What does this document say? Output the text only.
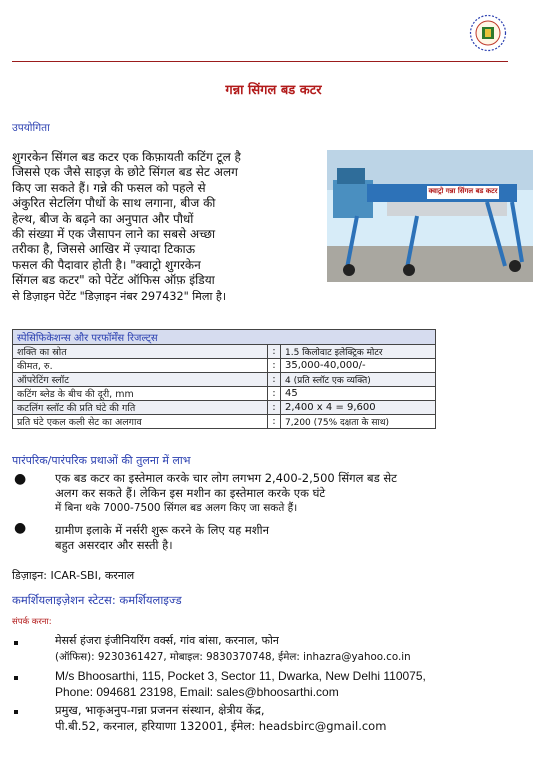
गन्ना सिंगल बड कटर
उपयोगिता
शुगरकेन सिंगल बड कटर एक किफ़ायती कटिंग टूल है
जिससे एक जैसे साइज़ के छोटे सिंगल बड सेट अलग
किए जा सकते हैं। गन्ने की फसल को पहले से
अंकुरित सेटलिंग पौधों के साथ लगाना, बीज की
हेल्थ, बीज के बढ़ने का अनुपात और पौधों
की संख्या में एक जैसापन लाने का सबसे अच्छा
तरीका है, जिससे आखिर में ज़्यादा टिकाऊ
फसल की पैदावार होती है। "क्वाट्रो शुगरकेन
सिंगल बड कटर" को पेटेंट ऑफिस ऑफ़ इंडिया
से डिज़ाइन पेटेंट "डिज़ाइन नंबर 297432" मिला है।
क्वाट्रो गन्ना सिंगल बड कटर
स्पेसिफिकेशन्स और परफॉर्मेंस रिजल्ट्स		
शक्ति का स्रोत	:	1.5 किलोवाट इलेक्ट्रिक मोटर
कीमत, रु.	:	35,000-40,000/-
ऑपरेटिंग स्लॉट	:	4 (प्रति स्लॉट एक व्यक्ति)
कटिंग ब्लेड के बीच की दूरी, mm	:	45
कटलिंग स्लॉट की प्रति घंटे की गति	:	2,400 x 4 = 9,600
प्रति घंटे एकल कली सेट का अलगाव	:	7,200 (75% दक्षता के साथ)
पारंपरिक/पारंपरिक प्रथाओं की तुलना में लाभ
●	एक बड कटर का इस्तेमाल करके चार लोग लगभग 2,400-2,500 सिंगल बड सेट
अलग कर सकते हैं। लेकिन इस मशीन का इस्तेमाल करके एक घंटे
में बिना थके 7000-7500 सिंगल बड अलग किए जा सकते हैं।
●	ग्रामीण इलाके में नर्सरी शुरू करने के लिए यह मशीन
बहुत असरदार और सस्ती है।
डिज़ाइन: ICAR-SBI, करनाल
कमर्शियलाइज़ेशन स्टेटस: कमर्शियलाइज्ड
संपर्क करना:
मेसर्स हंजरा इंजीनियरिंग वर्क्स, गांव बांसा, करनाल, फोन
(ऑफिस): 9230361427, मोबाइल: 9830370748, ईमेल: inhazra@yahoo.co.in
M/s Bhoosarthi, 115, Pocket 3, Sector 11, Dwarka, New Delhi 110075,
Phone: 094681 23198, Email: sales@bhoosarthi.com
प्रमुख, भाकृअनुप-गन्ना प्रजनन संस्थान, क्षेत्रीय केंद्र,
पी.बी.52, करनाल, हरियाणा 132001, ईमेल: headsbirc@gmail.com
